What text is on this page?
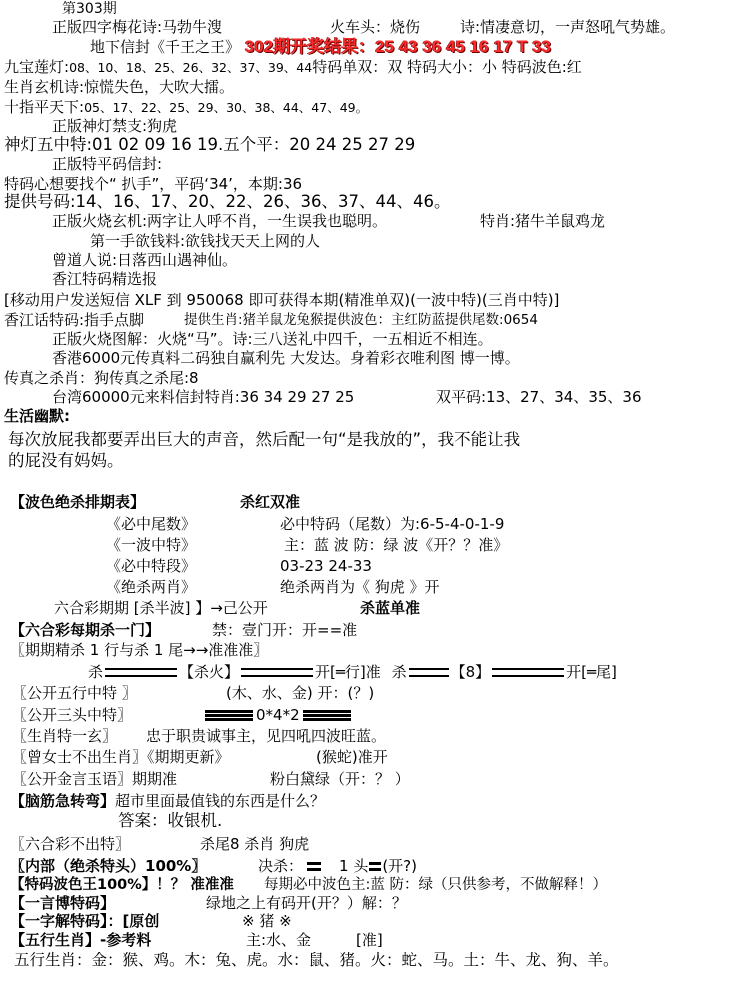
第303期
正版四字梅花诗:马勃牛溲	火车头：烧伤	诗:情凄意切，一声怒吼气势雄。
地下信封《千王之王》 302期开奖结果：25 43 36 45 16 17 T 33
九宝莲灯:08、10、18、25、26、32、37、39、44特码单双：双 特码大小：小 特码波色:红
生肖玄机诗:惊慌失色，大吹大擂。
十指平天下:05、17、22、25、29、30、38、44、47、49。
正版神灯禁支:狗虎
神灯五中特:01 02 09 16 19.五个平：20 24 25 27 29
正版特平码信封:
特码心想要找个“ 扒手”，平码‘34’，本期:36
提供号码:14、16、17、20、22、26、36、37、44、46。
正版火烧玄机:两字让人呼不肖，一生误我也聪明。	特肖:猪牛羊鼠鸡龙
第一手欲钱料:欲钱找天天上网的人
曾道人说:日落西山遇神仙。
香江特码精选报
[移动用户发送短信 XLF 到 950068 即可获得本期(精准单双)(一波中特)(三肖中特)]
香江话特码:指手点脚	提供生肖:猪羊鼠龙兔猴提供波色：主红防蓝提供尾数:0654
正版火烧图解：火烧“马”。诗:三八送礼中四千，一五相近不相连。
香港6000元传真料二码独自赢利先 大发达。身着彩衣唯利图 博一博。
传真之杀肖：狗传真之杀尾:8
台湾60000元来料信封特肖:36 34 29 27 25	双平码:13、27、34、35、36
生活幽默:
每次放屁我都要弄出巨大的声音，然后配一句“是我放的”，我不能让我
的屁没有妈妈。
【波色绝杀排期表】	杀红双准
《必中尾数》	必中特码（尾数）为:6-5-4-0-1-9
《一波中特》	主：蓝 波 防：绿 波《开？？准》
《必中特段》	03-23 24-33
《绝杀两肖》	绝杀两肖为《 狗虎 》开
六合彩期期 [杀半波] 】→己公开	杀蓝单准
【六合彩每期杀一门】	禁：壹门开：开==准
〖期期精杀 1 行与杀 1 尾→→准准准〗
杀	【杀火】	开[═行]准 杀	【8】	开[═尾]
〖公开五行中特 〗	(木、水、金) 开：(？)
〖公开三头中特〗	0*4*2
〖生肖特一玄〗 忠于职贵诚事主，见四吼四波旺蓝。
〖曾女士不出生肖〗《期期更新》	(猴蛇)准开
〖公开金言玉语〗期期准	粉白黛绿（开：？ ）
【脑筋急转弯】超市里面最值钱的东西是什么？
答案：收银机.
〖六合彩不出特〗	杀尾8 杀肖 狗虎
〖内部（绝杀特头）100%〗	决杀： 1 头 (开?)
【特码波色王100%】！？ 准准准 每期必中波色主:蓝 防：绿（只供参考，不做解释！）
【一言博特码】	绿地之上有码开(开？）解：？
【一字解特码】：[原创	※ 猪 ※
【五行生肖】-参考料	主:水、金	[准]
五行生肖：金：猴、鸡。木：兔、虎。水：鼠、猪。火：蛇、马。土：牛、龙、狗、羊。
